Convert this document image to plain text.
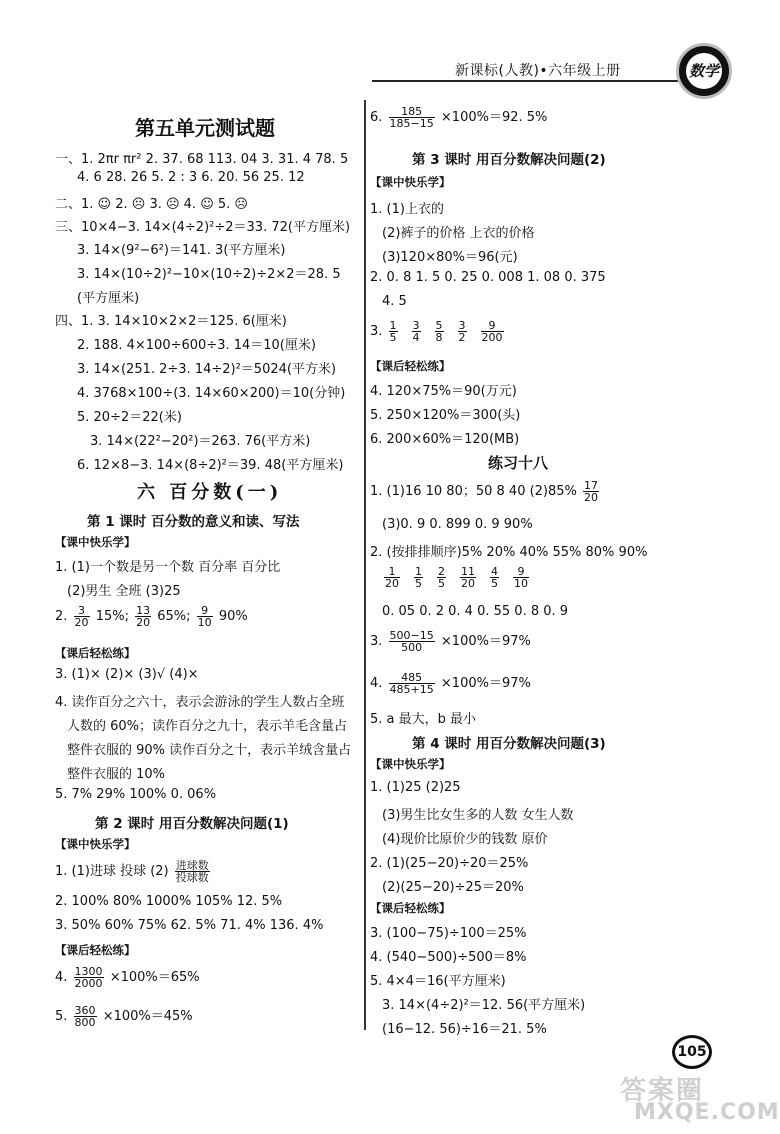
新课标(人教)•六年级上册	数学
第五单元测试题
一、1. 2πr πr² 2. 37. 68 113. 04 3. 31. 4 78. 5
4. 6 28. 26 5. 2 : 3 6. 20. 56 25. 12
二、1. ☺ 2. ☹ 3. ☹ 4. ☺ 5. ☹
三、10×4−3. 14×(4÷2)²÷2＝33. 72(平方厘米)
3. 14×(9²−6²)＝141. 3(平方厘米)
3. 14×(10÷2)²−10×(10÷2)÷2×2＝28. 5
(平方厘米)
四、1. 3. 14×10×2×2＝125. 6(厘米)
2. 188. 4×100÷600÷3. 14＝10(厘米)
3. 14×(251. 2÷3. 14÷2)²＝5024(平方米)
4. 3768×100÷(3. 14×60×200)＝10(分钟)
5. 20÷2＝22(米)
3. 14×(22²−20²)＝263. 76(平方米)
6. 12×8−3. 14×(8÷2)²＝39. 48(平方厘米)
六 百分数(一)
第 1 课时 百分数的意义和读、写法
【课中快乐学】
1. (1)一个数是另一个数 百分率 百分比
(2)男生 全班 (3)25
2. $\frac{3}{20} 15\%$; $\frac{13}{20} 65\%$; $\frac{9}{10} 90\%$
【课后轻松练】
3. (1)× (2)× (3)√ (4)×
4. 读作百分之六十，表示会游泳的学生人数占全班
人数的 60%；读作百分之九十，表示羊毛含量占
整件衣服的 90% 读作百分之十，表示羊绒含量占
整件衣服的 10%
5. 7% 29% 100% 0. 06%
第 2 课时 用百分数解决问题(1)
【课中快乐学】
1. (1)进球 投球 $(2) \frac{\text{进球数}}{\text{投球数}}$
2. 100% 80% 1000% 105% 12. 5%
3. 50% 60% 75% 62. 5% 71. 4% 136. 4%
【课后轻松练】
4. $\frac{1300}{2000} \times 100\%=65\%$
5. $\frac{360}{800} \times 100\%=45\%$
6. $\frac{185}{185-15} \times 100\%=92$. 5%
第 3 课时 用百分数解决问题(2)
【课中快乐学】
1. (1)上衣的
(2)裤子的价格 上衣的价格
(3)120×80%＝96(元)
2. 0. 8 1. 5 0. 25 0. 008 1. 08 0. 375
4. 5
3. $\frac{1}{5} \frac{3}{4} \frac{5}{8} \frac{3}{2} \frac{9}{200}$
【课后轻松练】
4. 120×75%＝90(万元)
5. 250×120%＝300(头)
6. 200×60%＝120(MB)
练习十八
1. (1)16 10 80；50 8 40 $(2)85\% \frac{17}{20}$
(3)0. 9 0. 899 0. 9 90%
2. (按排排顺序)5% 20% 40% 55% 80% 90%
$\frac{1}{20} \frac{1}{5} \frac{2}{5} \frac{11}{20} \frac{4}{5} \frac{9}{10}$
0. 05 0. 2 0. 4 0. 55 0. 8 0. 9
3. $\frac{500-15}{500} \times 100\%=97\%$
4. $\frac{485}{485+15} \times 100\%=97\%$
5. a 最大，b 最小
第 4 课时 用百分数解决问题(3)
【课中快乐学】
1. (1)25 (2)25
(3)男生比女生多的人数 女生人数
(4)现价比原价少的钱数 原价
2. (1)(25−20)÷20＝25%
(2)(25−20)÷25＝20%
【课后轻松练】
3. (100−75)÷100＝25%
4. (540−500)÷500＝8%
5. 4×4＝16(平方厘米)
3. 14×(4÷2)²＝12. 56(平方厘米)
(16−12. 56)÷16＝21. 5%
105
答案圈
MXQE.COM
